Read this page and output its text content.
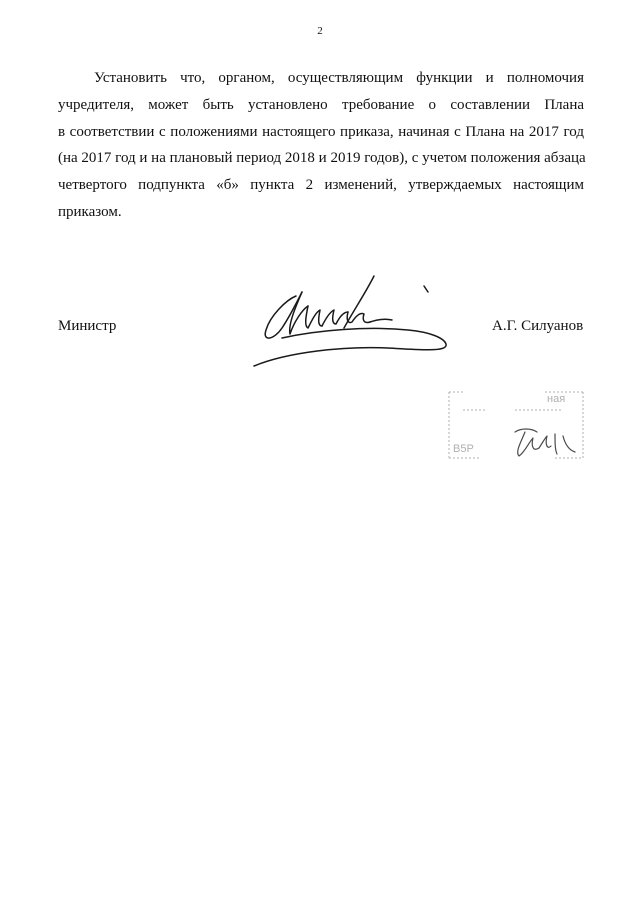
2

Установить что, органом, осуществляющим функции и полномочия
учредителя, может быть установлено требование о составлении Плана
в соответствии с положениями настоящего приказа, начиная с Плана на 2017 год
(на 2017 год и на плановый период 2018 и 2019 годов), с учетом положения абзаца
четвертого подпункта «б» пункта 2 изменений, утверждаемых настоящим
приказом.

Министр	А.Г. Силуанов
ная
В5Р
